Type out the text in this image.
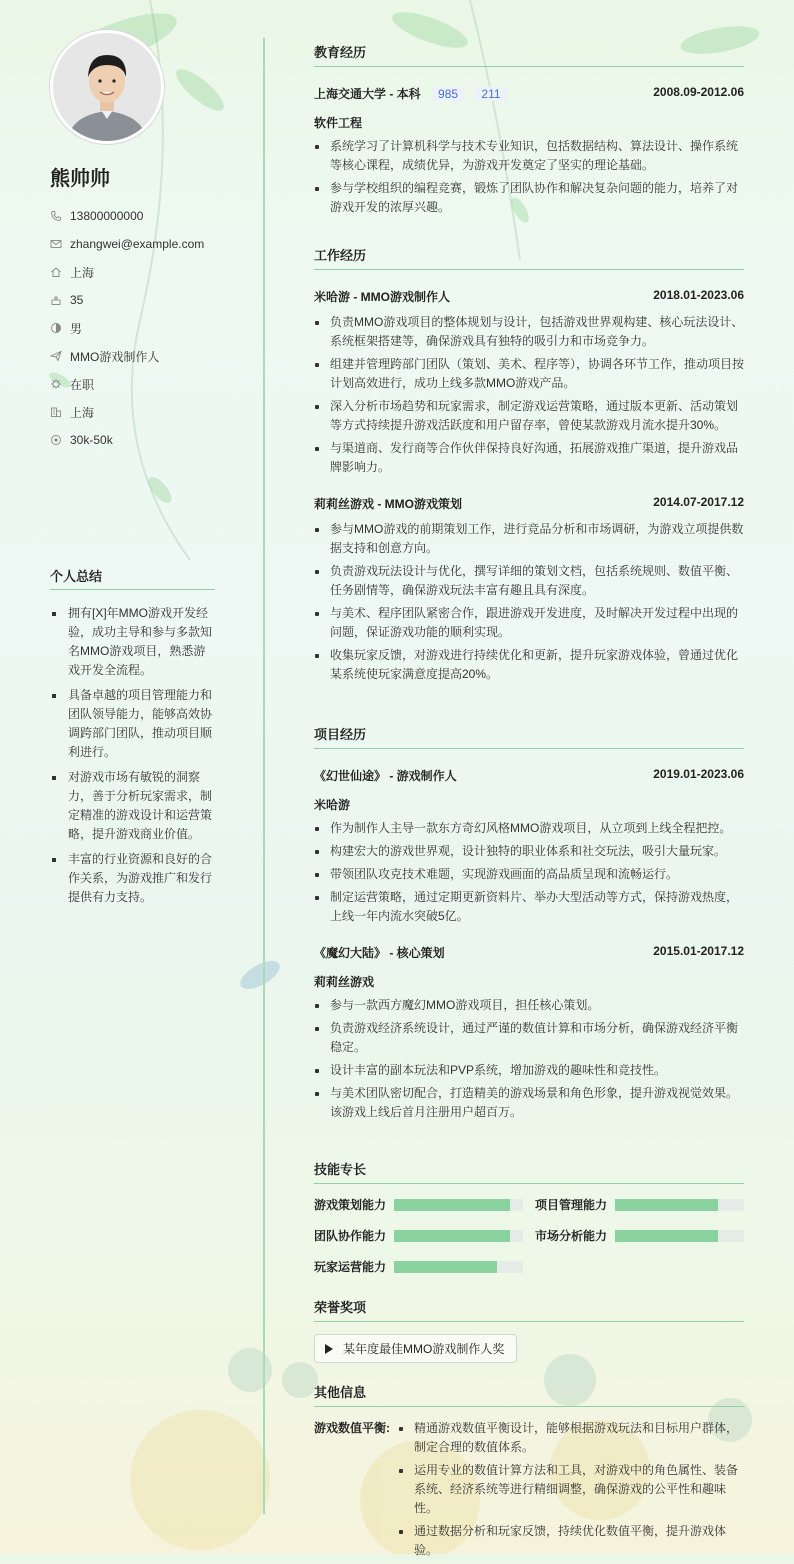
熊帅帅
13800000000
zhangwei@example.com
上海
35
男
MMO游戏制作人
在职
上海
30k-50k
个人总结
拥有[X]年MMO游戏开发经验，成功主导和参与多款知名MMO游戏项目，熟悉游戏开发全流程。
具备卓越的项目管理能力和团队领导能力，能够高效协调跨部门团队，推动项目顺利进行。
对游戏市场有敏锐的洞察力，善于分析玩家需求，制定精准的游戏设计和运营策略，提升游戏商业价值。
丰富的行业资源和良好的合作关系，为游戏推广和发行提供有力支持。
教育经历
上海交通大学 - 本科 985 211	2008.09-2012.06
软件工程
系统学习了计算机科学与技术专业知识，包括数据结构、算法设计、操作系统等核心课程，成绩优异，为游戏开发奠定了坚实的理论基础。
参与学校组织的编程竞赛，锻炼了团队协作和解决复杂问题的能力，培养了对游戏开发的浓厚兴趣。
工作经历
米哈游 - MMO游戏制作人	2018.01-2023.06
负责MMO游戏项目的整体规划与设计，包括游戏世界观构建、核心玩法设计、系统框架搭建等，确保游戏具有独特的吸引力和市场竞争力。
组建并管理跨部门团队（策划、美术、程序等），协调各环节工作，推动项目按计划高效进行，成功上线多款MMO游戏产品。
深入分析市场趋势和玩家需求，制定游戏运营策略，通过版本更新、活动策划等方式持续提升游戏活跃度和用户留存率，曾使某款游戏月流水提升30%。
与渠道商、发行商等合作伙伴保持良好沟通，拓展游戏推广渠道，提升游戏品牌影响力。
莉莉丝游戏 - MMO游戏策划	2014.07-2017.12
参与MMO游戏的前期策划工作，进行竞品分析和市场调研，为游戏立项提供数据支持和创意方向。
负责游戏玩法设计与优化，撰写详细的策划文档，包括系统规则、数值平衡、任务剧情等，确保游戏玩法丰富有趣且具有深度。
与美术、程序团队紧密合作，跟进游戏开发进度，及时解决开发过程中出现的问题，保证游戏功能的顺利实现。
收集玩家反馈，对游戏进行持续优化和更新，提升玩家游戏体验，曾通过优化某系统使玩家满意度提高20%。
项目经历
《幻世仙途》 - 游戏制作人	2019.01-2023.06
米哈游
作为制作人主导一款东方奇幻风格MMO游戏项目，从立项到上线全程把控。
构建宏大的游戏世界观，设计独特的职业体系和社交玩法，吸引大量玩家。
带领团队攻克技术难题，实现游戏画面的高品质呈现和流畅运行。
制定运营策略，通过定期更新资料片、举办大型活动等方式，保持游戏热度，上线一年内流水突破5亿。
《魔幻大陆》 - 核心策划	2015.01-2017.12
莉莉丝游戏
参与一款西方魔幻MMO游戏项目，担任核心策划。
负责游戏经济系统设计，通过严谨的数值计算和市场分析，确保游戏经济平衡稳定。
设计丰富的副本玩法和PVP系统，增加游戏的趣味性和竞技性。
与美术团队密切配合，打造精美的游戏场景和角色形象，提升游戏视觉效果。该游戏上线后首月注册用户超百万。
技能专长
游戏策划能力	项目管理能力
团队协作能力	市场分析能力
玩家运营能力
荣誉奖项
某年度最佳MMO游戏制作人奖
其他信息
游戏数值平衡:	精通游戏数值平衡设计，能够根据游戏玩法和目标用户群体，制定合理的数值体系。
运用专业的数值计算方法和工具，对游戏中的角色属性、装备系统、经济系统等进行精细调整，确保游戏的公平性和趣味性。
通过数据分析和玩家反馈，持续优化数值平衡，提升游戏体验。
